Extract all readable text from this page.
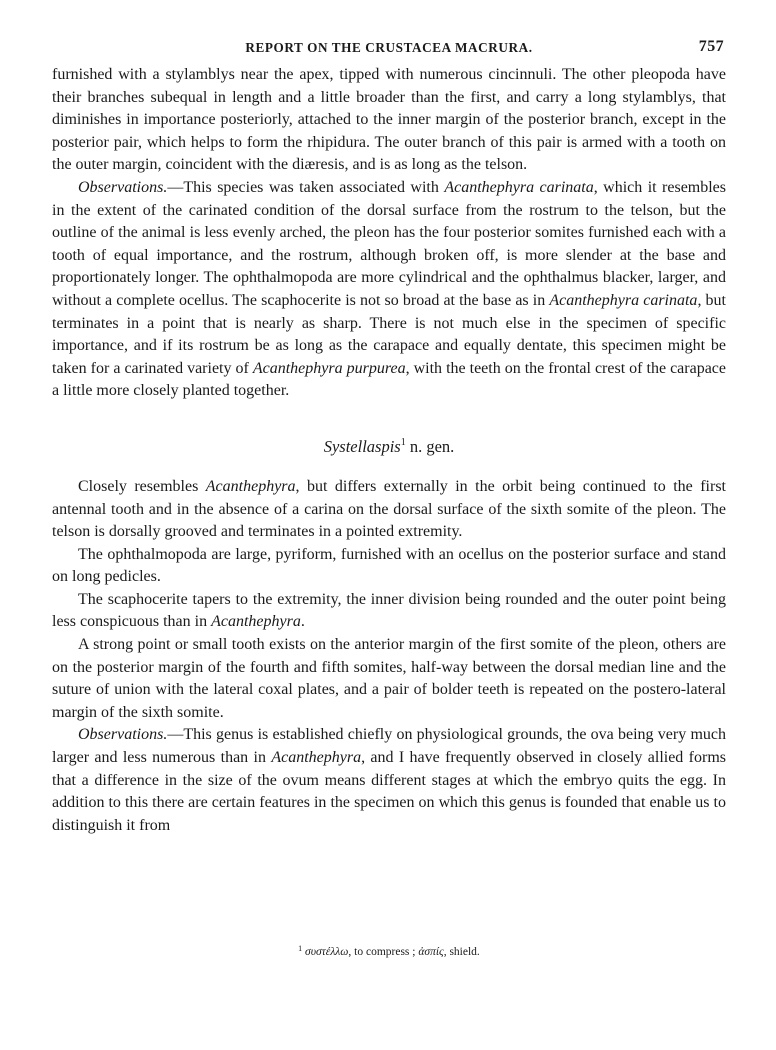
REPORT ON THE CRUSTACEA MACRURA.	757

furnished with a stylamblys near the apex, tipped with numerous cincinnuli. The other pleopoda have their branches subequal in length and a little broader than the first, and carry a long stylamblys, that diminishes in importance posteriorly, attached to the inner margin of the posterior branch, except in the posterior pair, which helps to form the rhipidura. The outer branch of this pair is armed with a tooth on the outer margin, coincident with the diæresis, and is as long as the telson.

Observations.—This species was taken associated with Acanthephyra carinata, which it resembles in the extent of the carinated condition of the dorsal surface from the rostrum to the telson, but the outline of the animal is less evenly arched, the pleon has the four posterior somites furnished each with a tooth of equal importance, and the rostrum, although broken off, is more slender at the base and proportionately longer. The ophthalmopoda are more cylindrical and the ophthalmus blacker, larger, and without a complete ocellus. The scaphocerite is not so broad at the base as in Acanthephyra carinata, but terminates in a point that is nearly as sharp. There is not much else in the specimen of specific importance, and if its rostrum be as long as the carapace and equally dentate, this specimen might be taken for a carinated variety of Acanthephyra purpurea, with the teeth on the frontal crest of the carapace a little more closely planted together.

Systellaspis$^1$ n. gen.

Closely resembles Acanthephyra, but differs externally in the orbit being continued to the first antennal tooth and in the absence of a carina on the dorsal surface of the sixth somite of the pleon. The telson is dorsally grooved and terminates in a pointed extremity.

The ophthalmopoda are large, pyriform, furnished with an ocellus on the posterior surface and stand on long pedicles.

The scaphocerite tapers to the extremity, the inner division being rounded and the outer point being less conspicuous than in Acanthephyra.

A strong point or small tooth exists on the anterior margin of the first somite of the pleon, others are on the posterior margin of the fourth and fifth somites, half-way between the dorsal median line and the suture of union with the lateral coxal plates, and a pair of bolder teeth is repeated on the postero-lateral margin of the sixth somite.

Observations.—This genus is established chiefly on physiological grounds, the ova being very much larger and less numerous than in Acanthephyra, and I have frequently observed in closely allied forms that a difference in the size of the ovum means different stages at which the embryo quits the egg. In addition to this there are certain features in the specimen on which this genus is founded that enable us to distinguish it from

$^1$ συστέλλω, to compress ; ἀσπίς, shield.
